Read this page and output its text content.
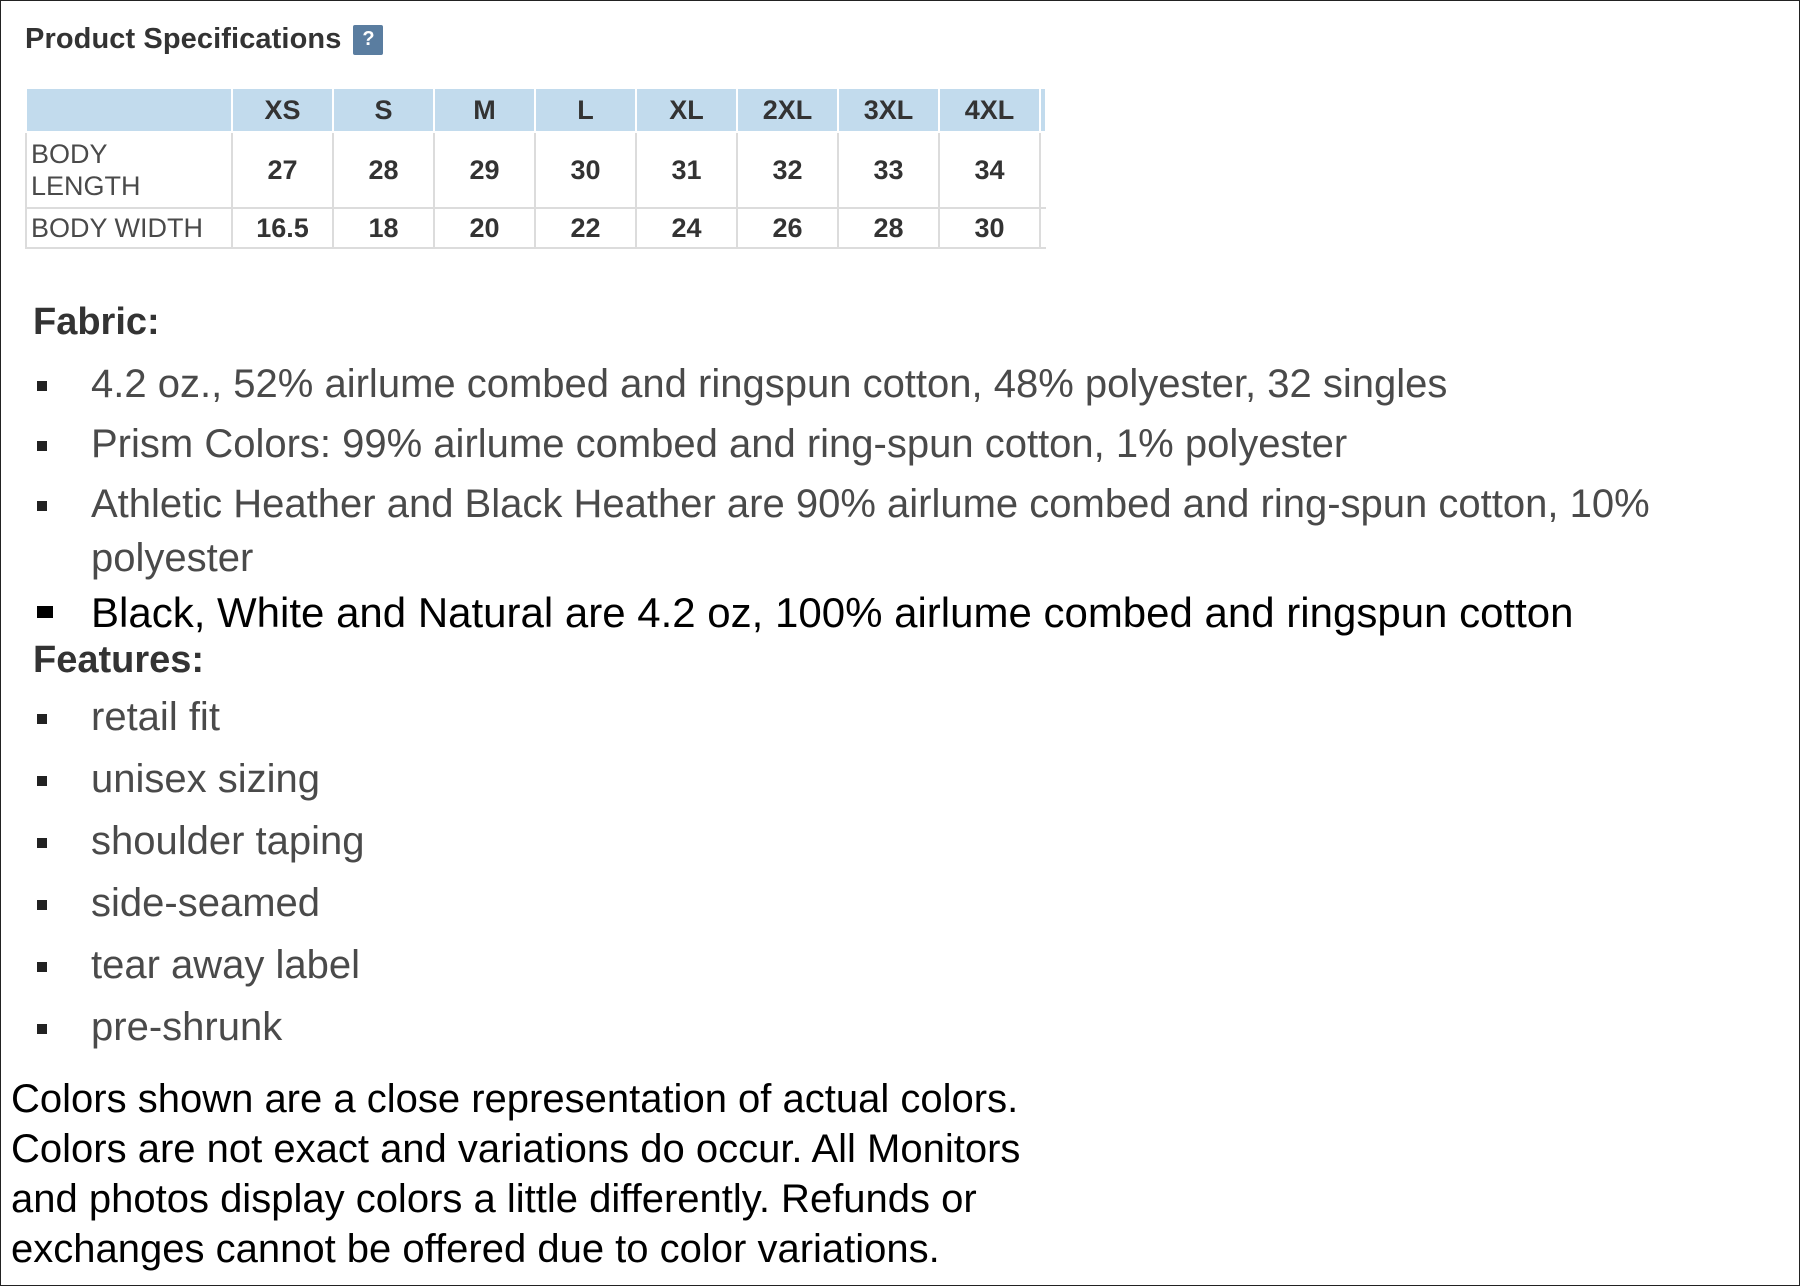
Product Specifications	?
	XS	S	M	L	XL	2XL	3XL	4XL	
BODY LENGTH	27	28	29	30	31	32	33	34	
BODY WIDTH	16.5	18	20	22	24	26	28	30	
Fabric:
4.2 oz., 52% airlume combed and ringspun cotton, 48% polyester, 32 singles
Prism Colors: 99% airlume combed and ring-spun cotton, 1% polyester
Athletic Heather and Black Heather are 90% airlume combed and ring-spun cotton, 10% polyester
Black, White and Natural are 4.2 oz, 100% airlume combed and ringspun cotton
Features:
retail fit
unisex sizing
shoulder taping
side-seamed
tear away label
pre-shrunk
Colors shown are a close representation of actual colors.
Colors are not exact and variations do occur. All Monitors
and photos display colors a little differently. Refunds or
exchanges cannot be offered due to color variations.
